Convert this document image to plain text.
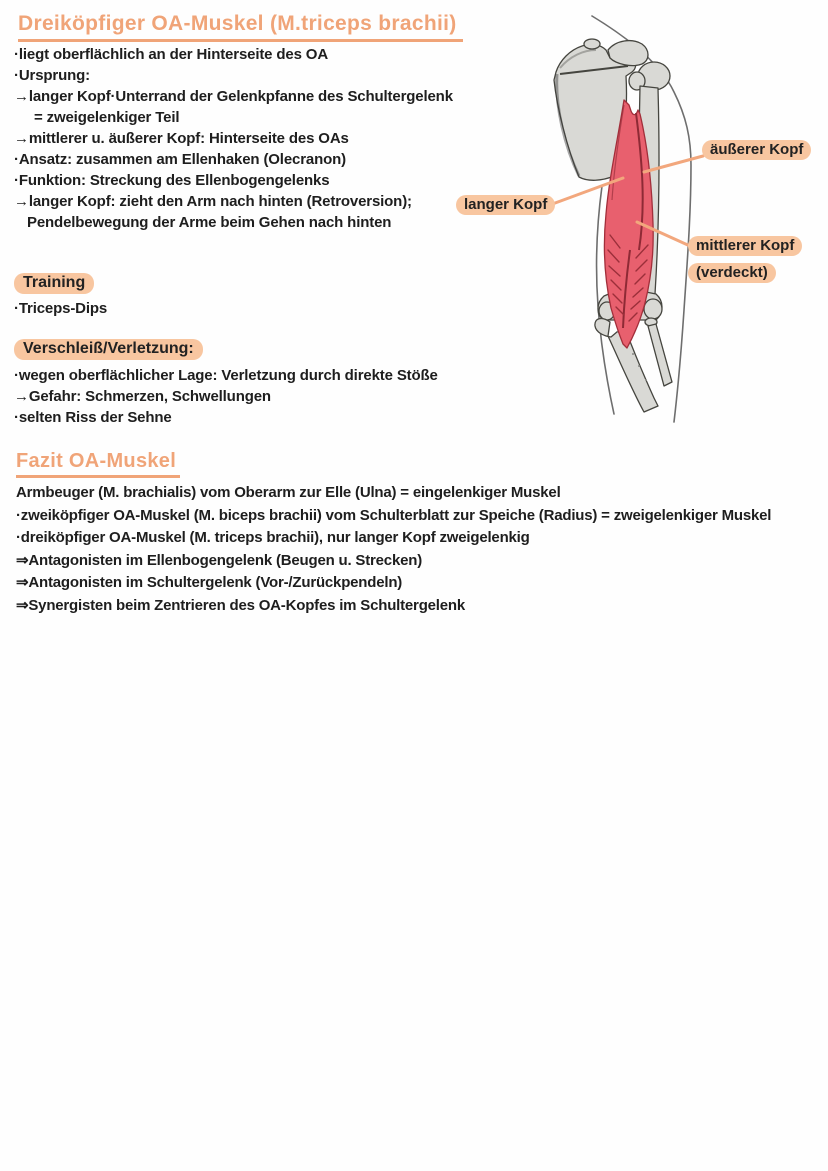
Dreiköpfiger OA-Muskel (M.triceps brachii)
·liegt oberflächlich an der Hinterseite des OA
·Ursprung:
→langer Kopf·Unterrand der Gelenkpfanne des Schultergelenk
= zweigelenkiger Teil
→mittlerer u. äußerer Kopf: Hinterseite des OAs
·Ansatz: zusammen am Ellenhaken (Olecranon)
·Funktion: Streckung des Ellenbogengelenks
→langer Kopf: zieht den Arm nach hinten (Retroversion);
Pendelbewegung der Arme beim Gehen nach hinten
Training
·Triceps-Dips
Verschleiß/Verletzung:
·wegen oberflächlicher Lage: Verletzung durch direkte Stöße
→Gefahr: Schmerzen, Schwellungen
·selten Riss der Sehne
Fazit OA-Muskel
Armbeuger (M. brachialis) vom Oberarm zur Elle (Ulna) = eingelenkiger Muskel
·zweiköpfiger OA-Muskel (M. biceps brachii) vom Schulterblatt zur Speiche (Radius) = zweigelenkiger Muskel
·dreiköpfiger OA-Muskel (M. triceps brachii), nur langer Kopf zweigelenkig
⇒Antagonisten im Ellenbogengelenk (Beugen u. Strecken)
⇒Antagonisten im Schultergelenk (Vor-/Zurückpendeln)
⇒Synergisten beim Zentrieren des OA-Kopfes im Schultergelenk
äußerer Kopf
langer Kopf
mittlerer Kopf
(verdeckt)
